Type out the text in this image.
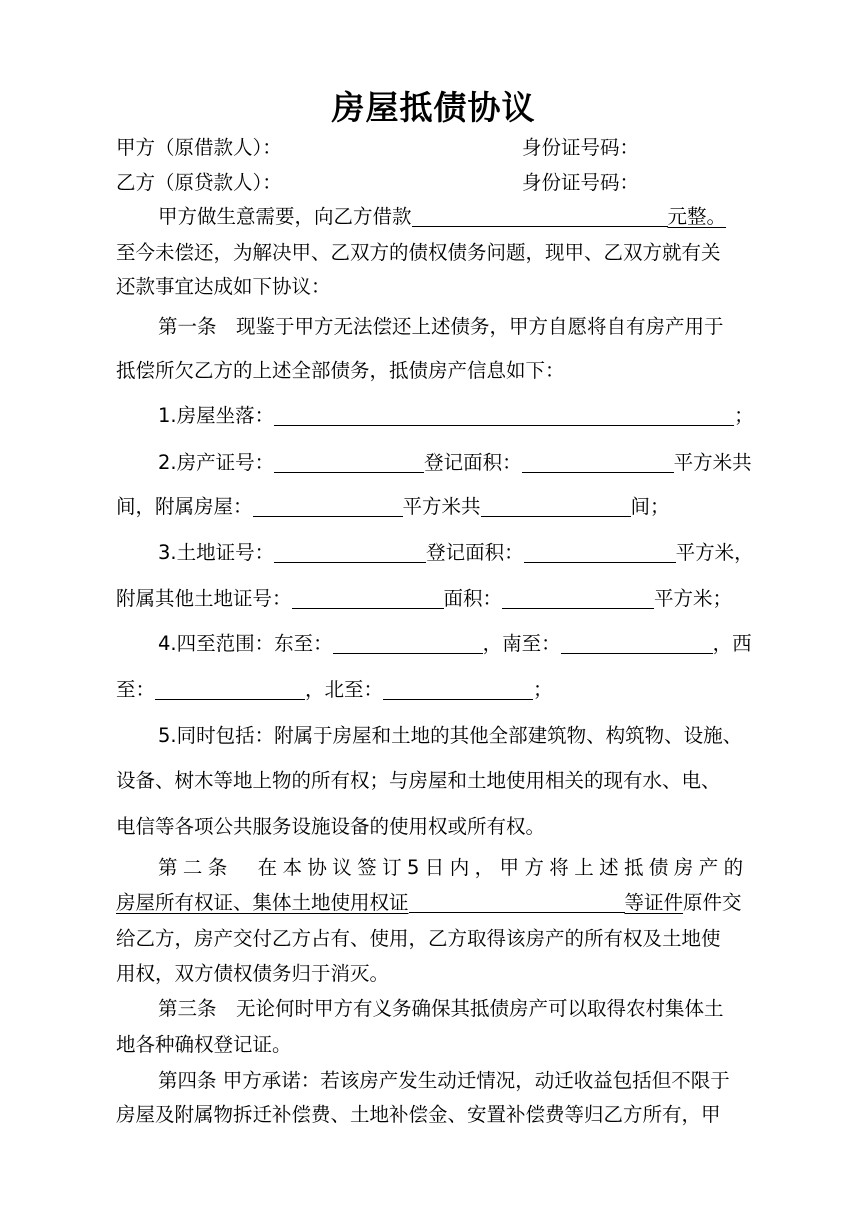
房屋抵债协议
甲方（原借款人）：	身份证号码：
乙方（原贷款人）：	身份证号码：
甲方做生意需要，向乙方借款	元整。
至今未偿还，为解决甲、乙双方的债权债务问题，现甲、乙双方就有关
还款事宜达成如下协议：
第一条　现鉴于甲方无法偿还上述债务，甲方自愿将自有房产用于
抵偿所欠乙方的上述全部债务，抵债房产信息如下：
1.房屋坐落：	；
2.房产证号：	登记面积：	平方米共
间，附属房屋：	平方米共	间；
3.土地证号：	登记面积：	平方米，
附属其他土地证号：	面积：	平方米；
4.四至范围：东至：	，南至：	，西
至：	，北至：	；
5.同时包括：附属于房屋和土地的其他全部建筑物、构筑物、设施、
设备、树木等地上物的所有权；与房屋和土地使用相关的现有水、电、
电信等各项公共服务设施设备的使用权或所有权。
第二条　在本协议签订5日内，甲方将上述抵债房产的
房屋所有权证、集体土地使用权证	等证件原件交
给乙方，房产交付乙方占有、使用，乙方取得该房产的所有权及土地使
用权，双方债权债务归于消灭。
第三条　无论何时甲方有义务确保其抵债房产可以取得农村集体土
地各种确权登记证。
第四条 甲方承诺：若该房产发生动迁情况，动迁收益包括但不限于
房屋及附属物拆迁补偿费、土地补偿金、安置补偿费等归乙方所有，甲
